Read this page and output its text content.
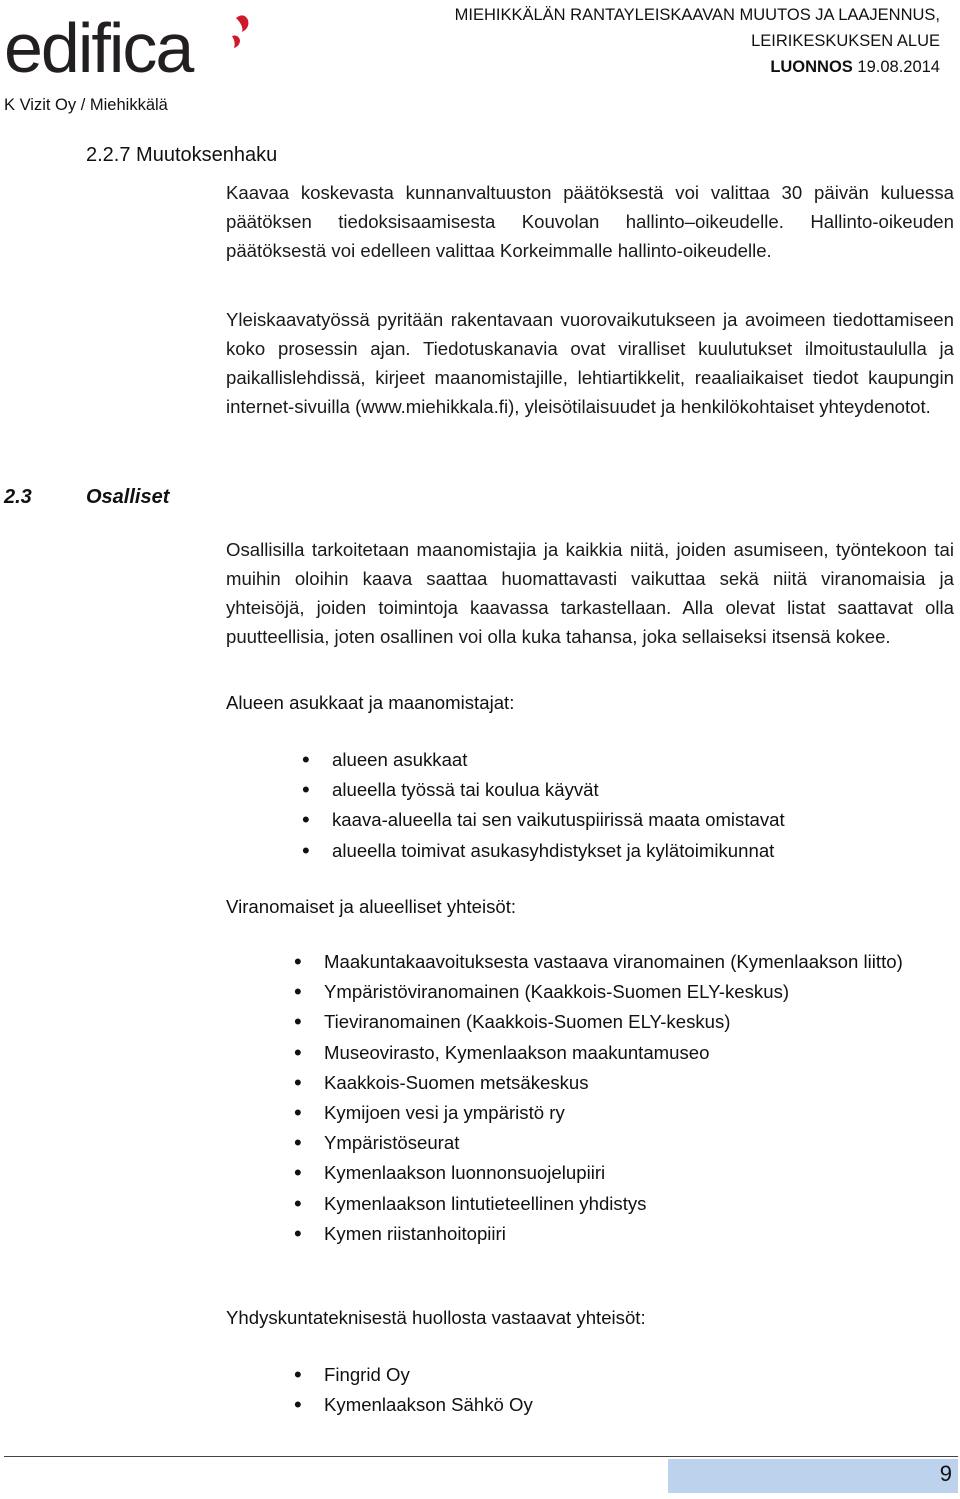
edifica	MIEHIKKÄLÄN RANTAYLEISKAAVAN MUUTOS JA LAAJENNUS,
LEIRIKESKUKSEN ALUE
LUONNOS 19.08.2014
K Vizit Oy / Miehikkälä
2.2.7 Muutoksenhaku
Kaavaa koskevasta kunnanvaltuuston päätöksestä voi valittaa 30 päivän kuluessa päätöksen tiedoksisaamisesta Kouvolan hallinto–oikeudelle. Hallinto-oikeuden päätöksestä voi edelleen valittaa Korkeimmalle hallinto-oikeudelle.
Yleiskaavatyössä pyritään rakentavaan vuorovaikutukseen ja avoimeen tiedottamiseen koko prosessin ajan. Tiedotuskanavia ovat viralliset kuulutukset ilmoitustaululla ja paikallislehdissä, kirjeet maanomistajille, lehtiartikkelit, reaaliaikaiset tiedot kaupungin internet-sivuilla (www.miehikkala.fi), yleisötilaisuudet ja henkilökohtaiset yhteydenotot.
2.3	Osalliset
Osallisilla tarkoitetaan maanomistajia ja kaikkia niitä, joiden asumiseen, työntekoon tai muihin oloihin kaava saattaa huomattavasti vaikuttaa sekä niitä viranomaisia ja yhteisöjä, joiden toimintoja kaavassa tarkastellaan. Alla olevat listat saattavat olla puutteellisia, joten osallinen voi olla kuka tahansa, joka sellaiseksi itsensä kokee.
Alueen asukkaat ja maanomistajat:
• alueen asukkaat
• alueella työssä tai koulua käyvät
• kaava-alueella tai sen vaikutuspiirissä maata omistavat
• alueella toimivat asukasyhdistykset ja kylätoimikunnat
Viranomaiset ja alueelliset yhteisöt:
• Maakuntakaavoituksesta vastaava viranomainen (Kymenlaakson liitto)
• Ympäristöviranomainen (Kaakkois-Suomen ELY-keskus)
• Tieviranomainen (Kaakkois-Suomen ELY-keskus)
• Museovirasto, Kymenlaakson maakuntamuseo
• Kaakkois-Suomen metsäkeskus
• Kymijoen vesi ja ympäristö ry
• Ympäristöseurat
• Kymenlaakson luonnonsuojelupiiri
• Kymenlaakson lintutieteellinen yhdistys
• Kymen riistanhoitopiiri
Yhdyskuntateknisestä huollosta vastaavat yhteisöt:
• Fingrid Oy
• Kymenlaakson Sähkö Oy
9
